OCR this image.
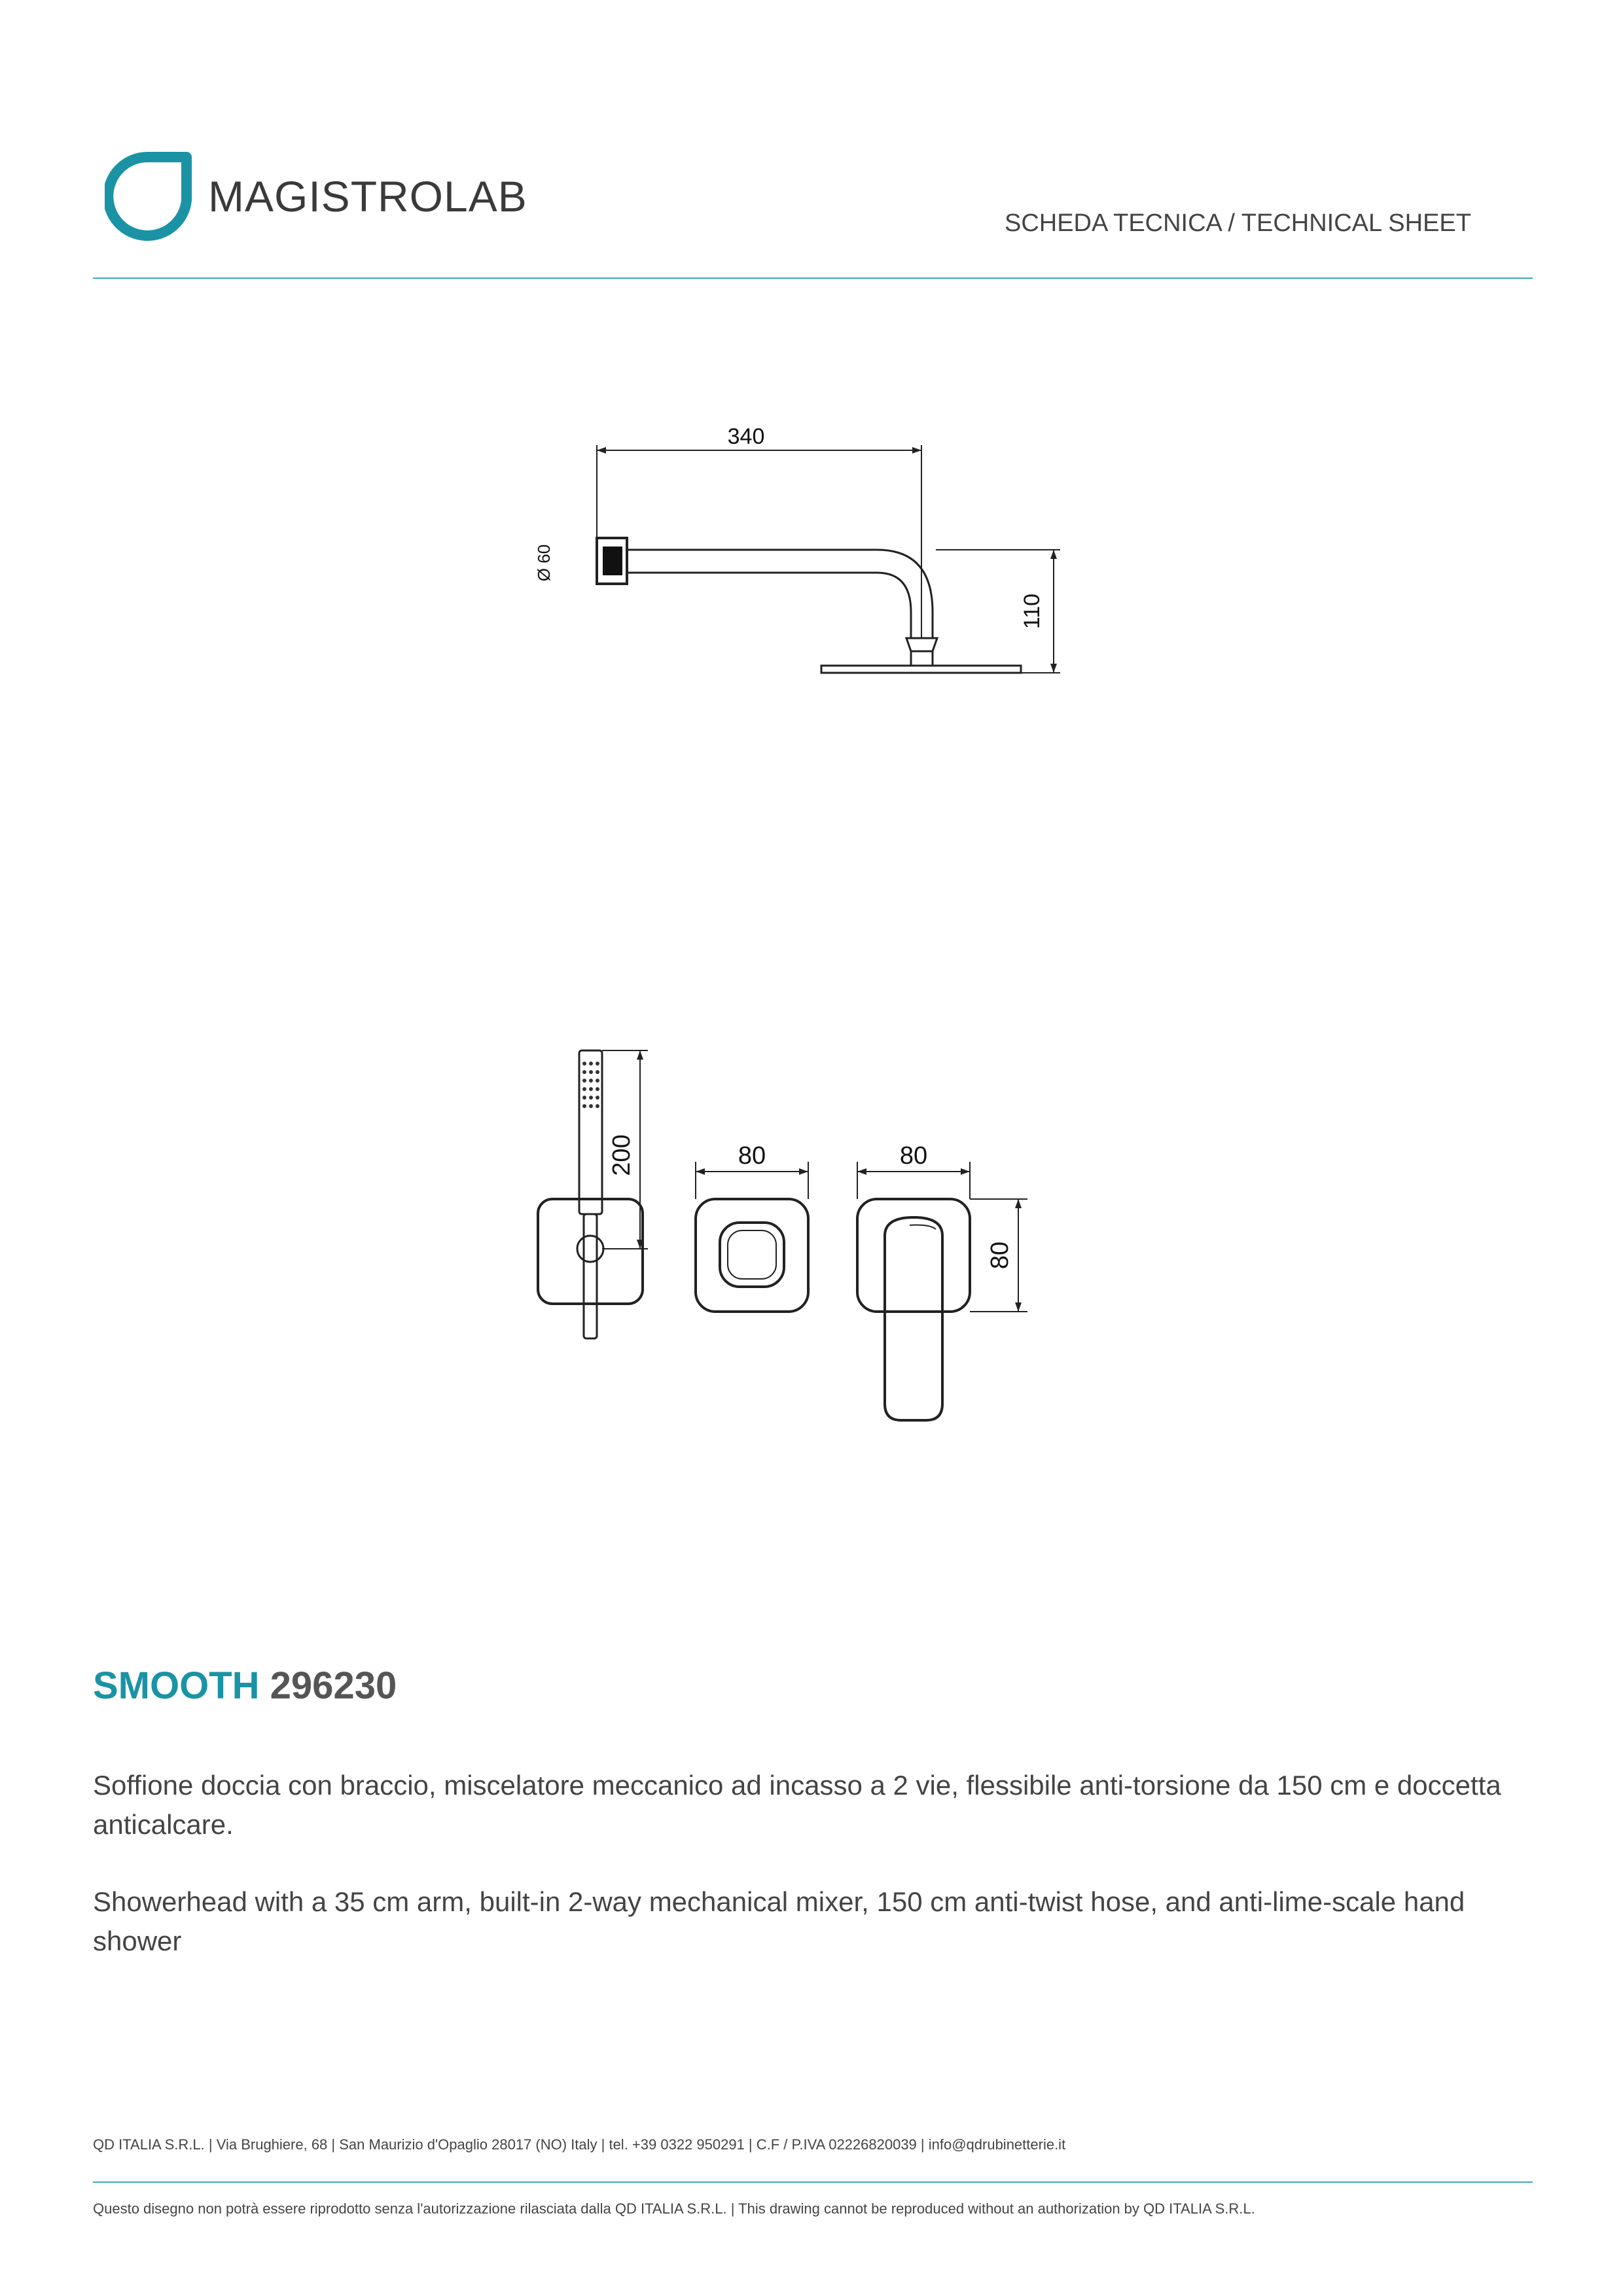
MAGISTROLAB
SCHEDA TECNICA / TECHNICAL SHEET
340
Ø 60
110
200	80	80
80
SMOOTH 296230
Soffione doccia con braccio, miscelatore meccanico ad incasso a 2 vie, flessibile anti-torsione da 150 cm e doccetta anticalcare.
Showerhead with a 35 cm arm, built-in 2-way mechanical mixer, 150 cm anti-twist hose, and anti-lime-scale hand shower
QD ITALIA S.R.L. | Via Brughiere, 68 | San Maurizio d'Opaglio 28017 (NO) Italy | tel. +39 0322 950291 | C.F / P.IVA 02226820039 | info@qdrubinetterie.it
Questo disegno non potrà essere riprodotto senza l'autorizzazione rilasciata dalla QD ITALIA S.R.L. | This drawing cannot be reproduced without an authorization by QD ITALIA S.R.L.
